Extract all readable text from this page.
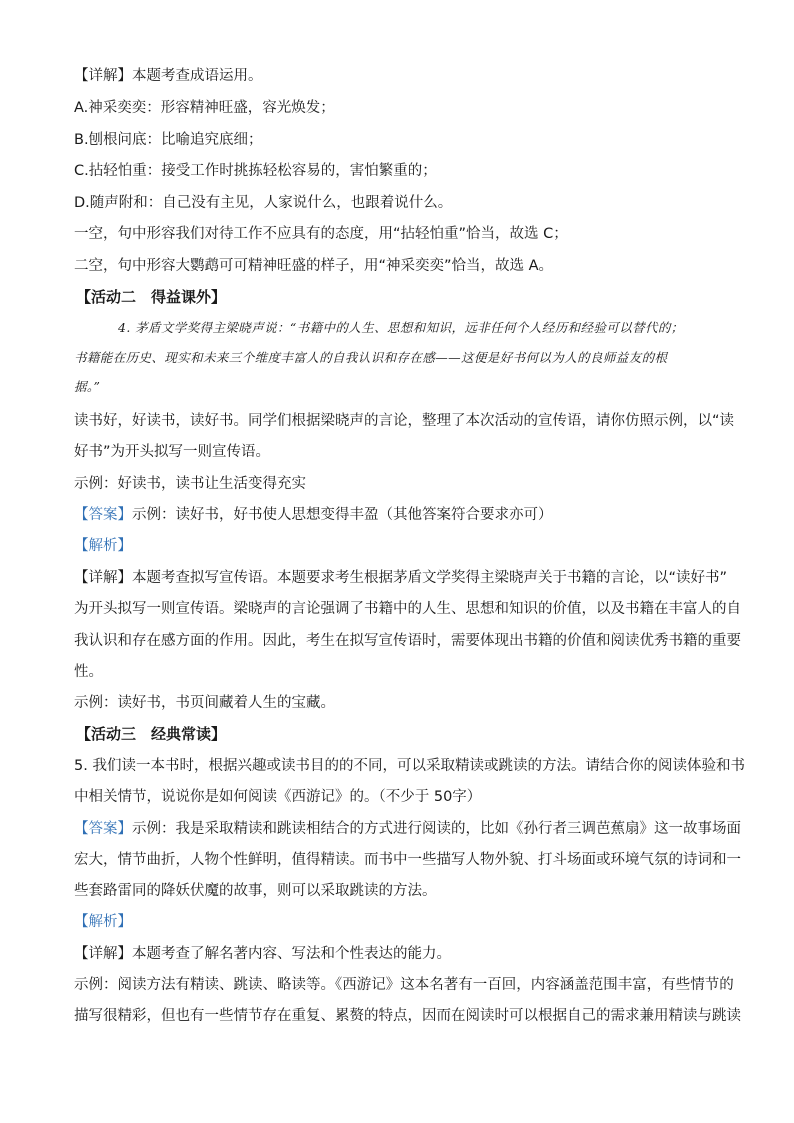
【详解】本题考查成语运用。
A.神采奕奕：形容精神旺盛，容光焕发；
B.刨根问底：比喻追究底细；
C.拈轻怕重：接受工作时挑拣轻松容易的，害怕繁重的；
D.随声附和：自己没有主见，人家说什么，也跟着说什么。
一空，句中形容我们对待工作不应具有的态度，用“拈轻怕重”恰当，故选 C；
二空，句中形容大鹦鹉可可精神旺盛的样子，用“神采奕奕”恰当，故选 A。
【活动二　得益课外】
4. 茅盾文学奖得主梁晓声说：“书籍中的人生、思想和知识，远非任何个人经历和经验可以替代的；
书籍能在历史、现实和未来三个维度丰富人的自我认识和存在感——这便是好书何以为人的良师益友的根
据。”
读书好，好读书，读好书。同学们根据梁晓声的言论，整理了本次活动的宣传语，请你仿照示例，以“读
好书”为开头拟写一则宣传语。
示例：好读书，读书让生活变得充实
【答案】示例：读好书，好书使人思想变得丰盈（其他答案符合要求亦可）
【解析】
【详解】本题考查拟写宣传语。本题要求考生根据茅盾文学奖得主梁晓声关于书籍的言论，以“读好书”
为开头拟写一则宣传语。梁晓声的言论强调了书籍中的人生、思想和知识的价值，以及书籍在丰富人的自
我认识和存在感方面的作用。因此，考生在拟写宣传语时，需要体现出书籍的价值和阅读优秀书籍的重要
性。
示例：读好书，书页间藏着人生的宝藏。
【活动三　经典常读】
5. 我们读一本书时，根据兴趣或读书目的的不同，可以采取精读或跳读的方法。请结合你的阅读体验和书
中相关情节，说说你是如何阅读《西游记》的。（不少于 50字）
【答案】示例：我是采取精读和跳读相结合的方式进行阅读的，比如《孙行者三调芭蕉扇》这一故事场面
宏大，情节曲折，人物个性鲜明，值得精读。而书中一些描写人物外貌、打斗场面或环境气氛的诗词和一
些套路雷同的降妖伏魔的故事，则可以采取跳读的方法。
【解析】
【详解】本题考查了解名著内容、写法和个性表达的能力。
示例：阅读方法有精读、跳读、略读等。《西游记》这本名著有一百回，内容涵盖范围丰富，有些情节的
描写很精彩，但也有一些情节存在重复、累赘的特点，因而在阅读时可以根据自己的需求兼用精读与跳读
